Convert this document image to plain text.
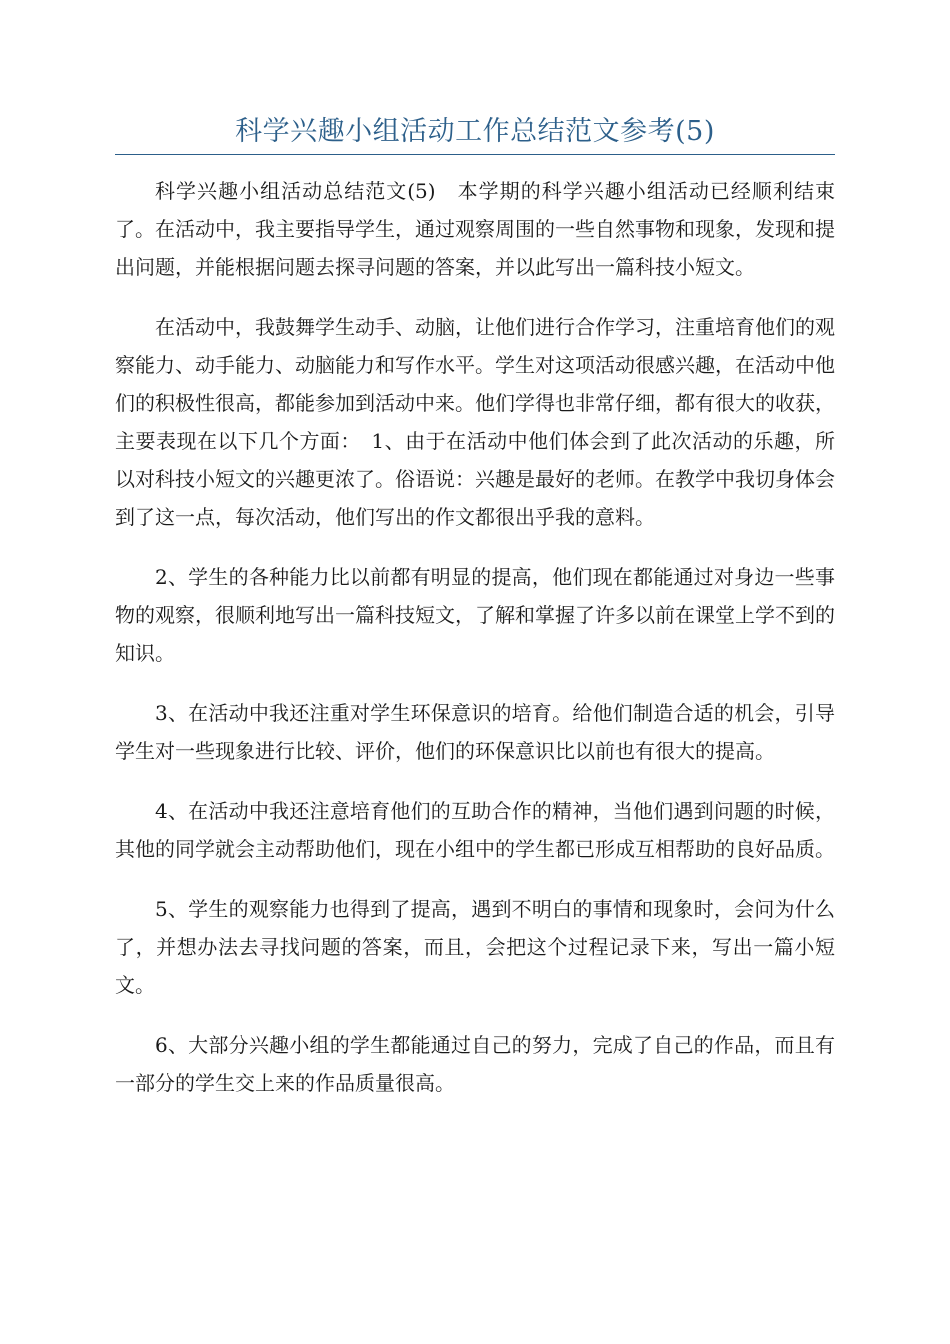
科学兴趣小组活动工作总结范文参考(5)

科学兴趣小组活动总结范文(5)　本学期的科学兴趣小组活动已经顺利结束了。在活动中，我主要指导学生，通过观察周围的一些自然事物和现象，发现和提出问题，并能根据问题去探寻问题的答案，并以此写出一篇科技小短文。

在活动中，我鼓舞学生动手、动脑，让他们进行合作学习，注重培育他们的观察能力、动手能力、动脑能力和写作水平。学生对这项活动很感兴趣，在活动中他们的积极性很高，都能参加到活动中来。他们学得也非常仔细，都有很大的收获，主要表现在以下几个方面：　1、由于在活动中他们体会到了此次活动的乐趣，所以对科技小短文的兴趣更浓了。俗语说：兴趣是最好的老师。在教学中我切身体会到了这一点，每次活动，他们写出的作文都很出乎我的意料。

2、学生的各种能力比以前都有明显的提高，他们现在都能通过对身边一些事物的观察，很顺利地写出一篇科技短文，了解和掌握了许多以前在课堂上学不到的知识。

3、在活动中我还注重对学生环保意识的培育。给他们制造合适的机会，引导学生对一些现象进行比较、评价，他们的环保意识比以前也有很大的提高。

4、在活动中我还注意培育他们的互助合作的精神，当他们遇到问题的时候，其他的同学就会主动帮助他们，现在小组中的学生都已形成互相帮助的良好品质。

5、学生的观察能力也得到了提高，遇到不明白的事情和现象时，会问为什么了，并想办法去寻找问题的答案，而且，会把这个过程记录下来，写出一篇小短文。

6、大部分兴趣小组的学生都能通过自己的努力，完成了自己的作品，而且有一部分的学生交上来的作品质量很高。
